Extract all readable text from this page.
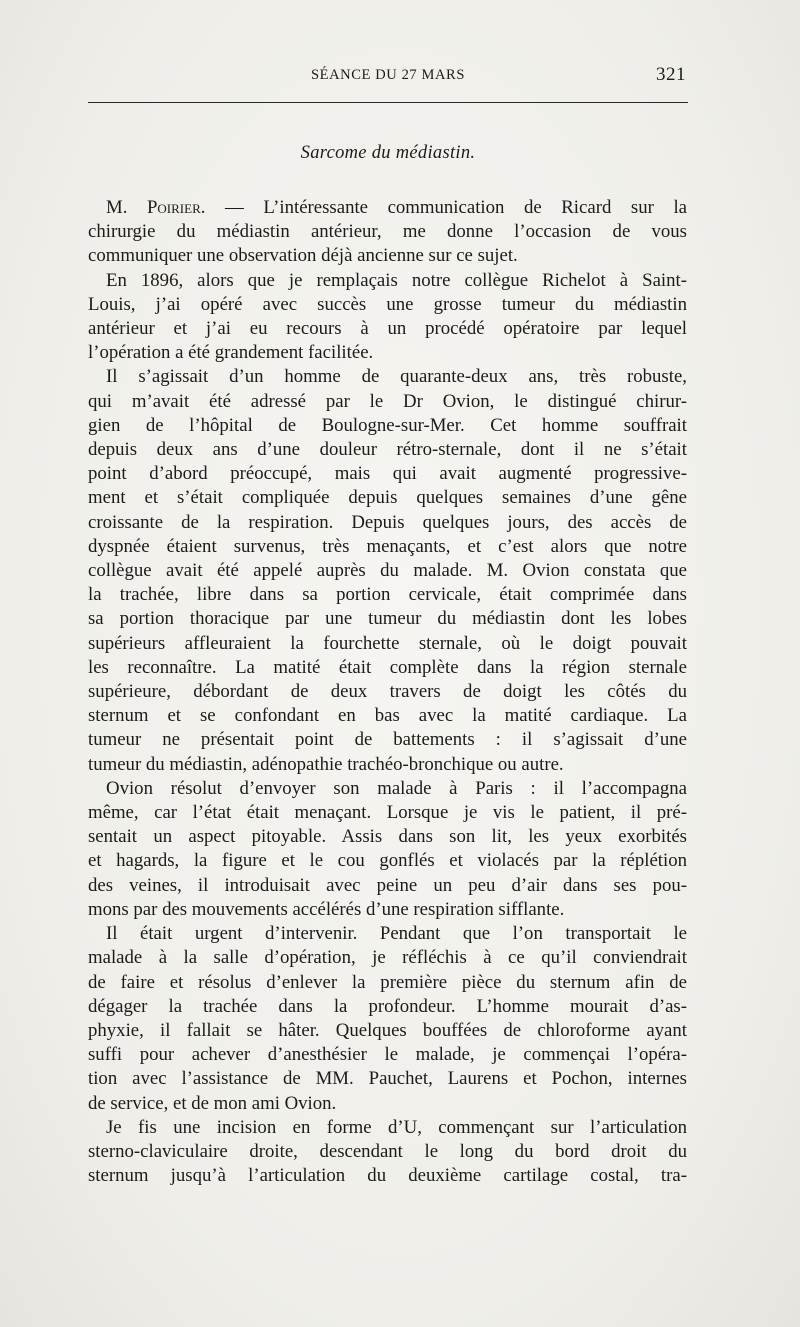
SÉANCE DU 27 MARS	321
Sarcome du médiastin.
M. Poirier. — L’intéressante communication de Ricard sur la
chirurgie du médiastin antérieur, me donne l’occasion de vous
communiquer une observation déjà ancienne sur ce sujet.
En 1896, alors que je remplaçais notre collègue Richelot à Saint-
Louis, j’ai opéré avec succès une grosse tumeur du médiastin
antérieur et j’ai eu recours à un procédé opératoire par lequel
l’opération a été grandement facilitée.
Il s’agissait d’un homme de quarante-deux ans, très robuste,
qui m’avait été adressé par le Dr Ovion, le distingué chirur-
gien de l’hôpital de Boulogne-sur-Mer. Cet homme souffrait
depuis deux ans d’une douleur rétro-sternale, dont il ne s’était
point d’abord préoccupé, mais qui avait augmenté progressive-
ment et s’était compliquée depuis quelques semaines d’une gêne
croissante de la respiration. Depuis quelques jours, des accès de
dyspnée étaient survenus, très menaçants, et c’est alors que notre
collègue avait été appelé auprès du malade. M. Ovion constata que
la trachée, libre dans sa portion cervicale, était comprimée dans
sa portion thoracique par une tumeur du médiastin dont les lobes
supérieurs affleuraient la fourchette sternale, où le doigt pouvait
les reconnaître. La matité était complète dans la région sternale
supérieure, débordant de deux travers de doigt les côtés du
sternum et se confondant en bas avec la matité cardiaque. La
tumeur ne présentait point de battements : il s’agissait d’une
tumeur du médiastin, adénopathie trachéo-bronchique ou autre.
Ovion résolut d’envoyer son malade à Paris : il l’accompagna
même, car l’état était menaçant. Lorsque je vis le patient, il pré-
sentait un aspect pitoyable. Assis dans son lit, les yeux exorbités
et hagards, la figure et le cou gonflés et violacés par la réplétion
des veines, il introduisait avec peine un peu d’air dans ses pou-
mons par des mouvements accélérés d’une respiration sifflante.
Il était urgent d’intervenir. Pendant que l’on transportait le
malade à la salle d’opération, je réfléchis à ce qu’il conviendrait
de faire et résolus d’enlever la première pièce du sternum afin de
dégager la trachée dans la profondeur. L’homme mourait d’as-
phyxie, il fallait se hâter. Quelques bouffées de chloroforme ayant
suffi pour achever d’anesthésier le malade, je commençai l’opéra-
tion avec l’assistance de MM. Pauchet, Laurens et Pochon, internes
de service, et de mon ami Ovion.
Je fis une incision en forme d’U, commençant sur l’articulation
sterno-claviculaire droite, descendant le long du bord droit du
sternum jusqu’à l’articulation du deuxième cartilage costal, tra-
